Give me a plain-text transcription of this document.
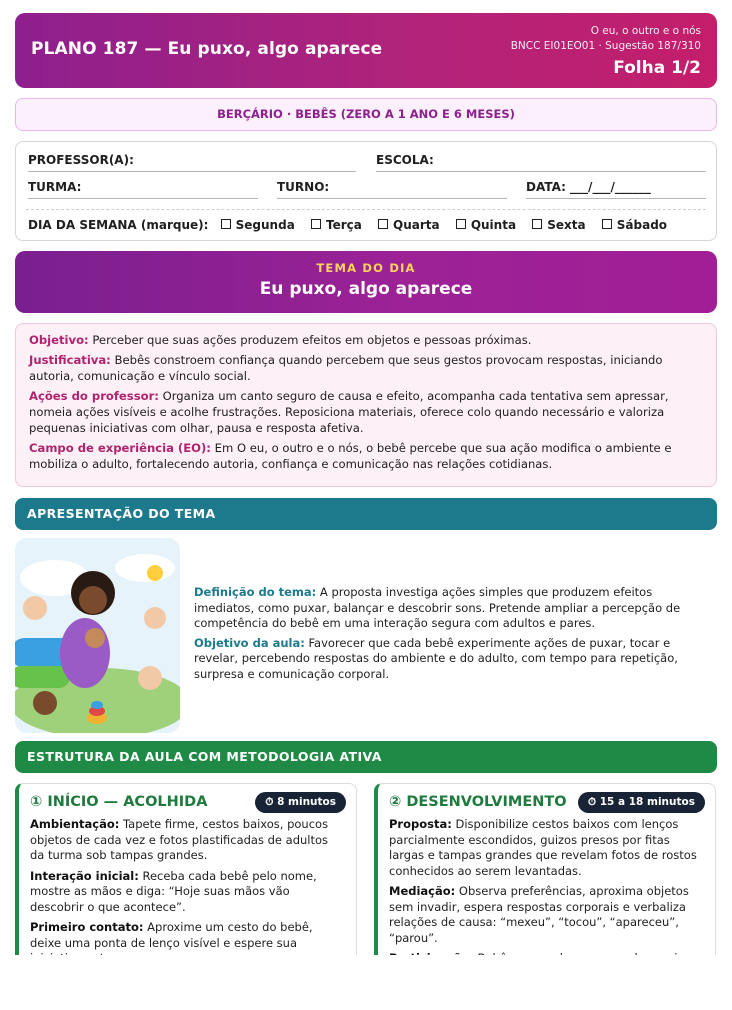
PLANO 187 — Eu puxo, algo aparece
O eu, o outro e o nós
BNCC EI01EO01 · Sugestão 187/310
Folha 1/2
BERÇÁRIO · BEBÊS (ZERO A 1 ANO E 6 MESES)
PROFESSOR(A):	ESCOLA:
TURMA:	TURNO:	DATA: ___/___/______
DIA DA SEMANA (marque): Segunda	Terça	Quarta	Quinta	Sexta	Sábado
TEMA DO DIA
Eu puxo, algo aparece

Objetivo: Perceber que suas ações produzem efeitos em objetos e pessoas próximas.

Justificativa: Bebês constroem confiança quando percebem que seus gestos provocam respostas, iniciando autoria, comunicação e vínculo social.

Ações do professor: Organiza um canto seguro de causa e efeito, acompanha cada tentativa sem apressar, nomeia ações visíveis e acolhe frustrações. Reposiciona materiais, oferece colo quando necessário e valoriza pequenas iniciativas com olhar, pausa e resposta afetiva.

Campo de experiência (EO): Em O eu, o outro e o nós, o bebê percebe que sua ação modifica o ambiente e mobiliza o adulto, fortalecendo autoria, confiança e comunicação nas relações cotidianas.

APRESENTAÇÃO DO TEMA

Definição do tema: A proposta investiga ações simples que produzem efeitos imediatos, como puxar, balançar e descobrir sons. Pretende ampliar a percepção de competência do bebê em uma interação segura com adultos e pares.

Objetivo da aula: Favorecer que cada bebê experimente ações de puxar, tocar e revelar, percebendo respostas do ambiente e do adulto, com tempo para repetição, surpresa e comunicação corporal.

ESTRUTURA DA AULA COM METODOLOGIA ATIVA
① INÍCIO — ACOLHIDA	⏱ 8 minutos

Ambientação: Tapete firme, cestos baixos, poucos objetos de cada vez e fotos plastificadas de adultos da turma sob tampas grandes.

Interação inicial: Receba cada bebê pelo nome, mostre as mãos e diga: “Hoje suas mãos vão descobrir o que acontece”.

Primeiro contato: Aproxime um cesto do bebê, deixe uma ponta de lenço visível e espere sua

② DESENVOLVIMENTO	⏱ 15 a 18 minutos

Proposta: Disponibilize cestos baixos com lenços parcialmente escondidos, guizos presos por fitas largas e tampas grandes que revelam fotos de rostos conhecidos ao serem levantadas.

Mediação: Observa preferências, aproxima objetos sem invadir, espera respostas corporais e verbaliza relações de causa: “mexeu”, “tocou”, “apareceu”, “parou”.
